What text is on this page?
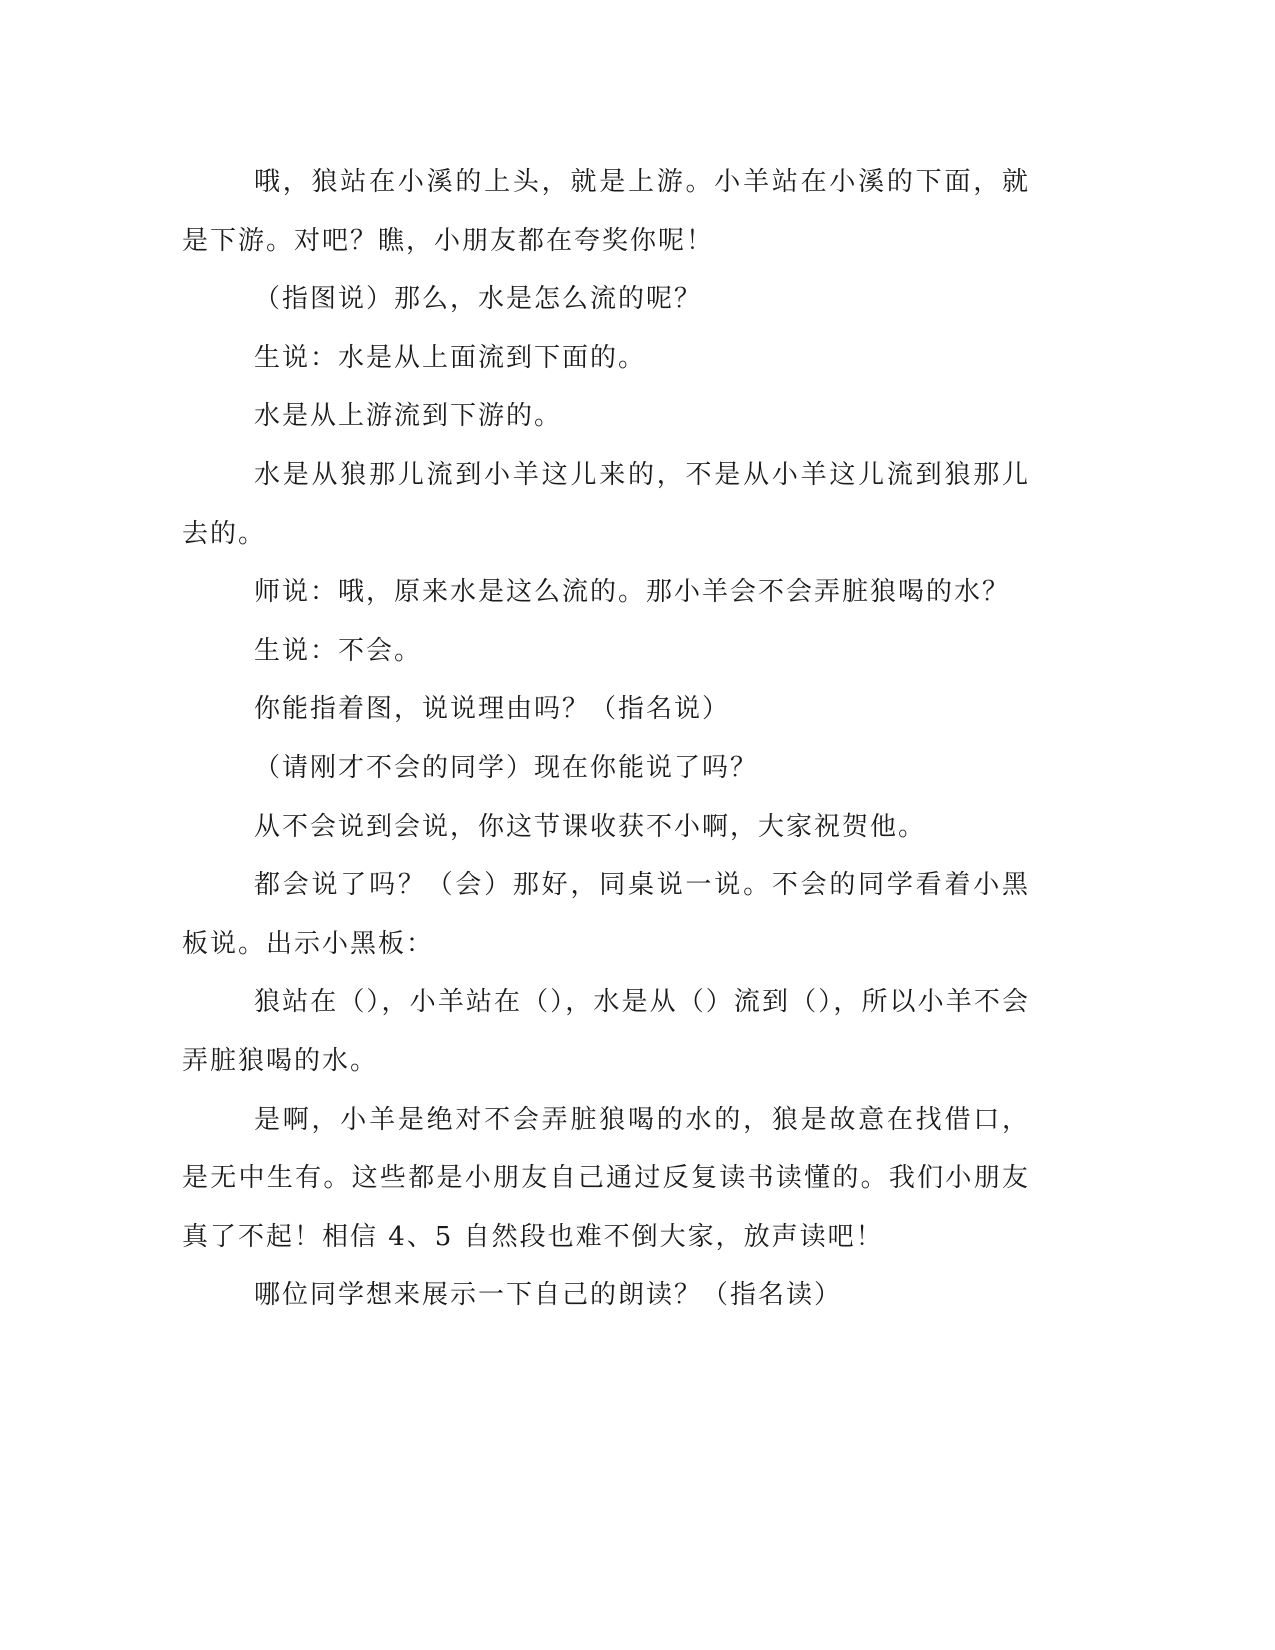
哦，狼站在小溪的上头，就是上游。小羊站在小溪的下面，就是下游。对吧？瞧，小朋友都在夸奖你呢！

（指图说）那么，水是怎么流的呢？

生说：水是从上面流到下面的。

水是从上游流到下游的。

水是从狼那儿流到小羊这儿来的，不是从小羊这儿流到狼那儿去的。

师说：哦，原来水是这么流的。那小羊会不会弄脏狼喝的水？

生说：不会。

你能指着图，说说理由吗？（指名说）

（请刚才不会的同学）现在你能说了吗？

从不会说到会说，你这节课收获不小啊，大家祝贺他。

都会说了吗？（会）那好，同桌说一说。不会的同学看着小黑板说。出示小黑板：

狼站在（），小羊站在（），水是从（）流到（），所以小羊不会弄脏狼喝的水。

是啊，小羊是绝对不会弄脏狼喝的水的，狼是故意在找借口，是无中生有。这些都是小朋友自己通过反复读书读懂的。我们小朋友真了不起！相信 4、5 自然段也难不倒大家，放声读吧！

哪位同学想来展示一下自己的朗读？（指名读）
